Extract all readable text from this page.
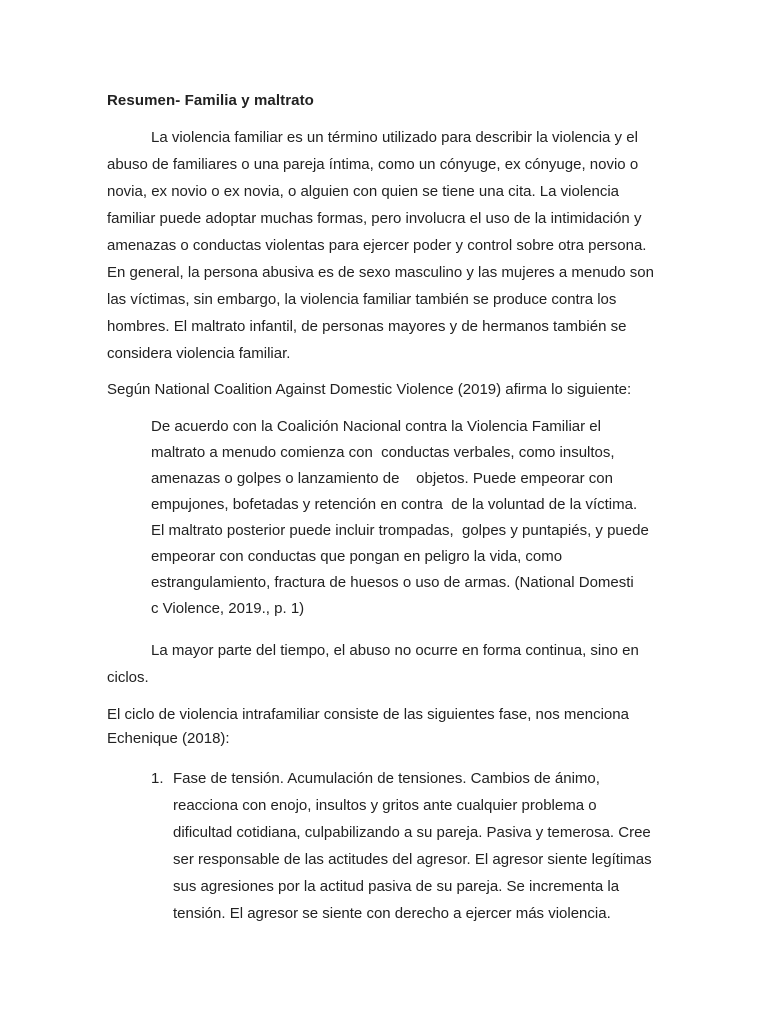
Resumen- Familia y maltrato
La violencia familiar es un término utilizado para describir la violencia y el
abuso de familiares o una pareja íntima, como un cónyuge, ex cónyuge, novio o
novia, ex novio o ex novia, o alguien con quien se tiene una cita. La violencia
familiar puede adoptar muchas formas, pero involucra el uso de la intimidación y
amenazas o conductas violentas para ejercer poder y control sobre otra persona.
En general, la persona abusiva es de sexo masculino y las mujeres a menudo son
las víctimas, sin embargo, la violencia familiar también se produce contra los
hombres. El maltrato infantil, de personas mayores y de hermanos también se
considera violencia familiar.
Según National Coalition Against Domestic Violence (2019) afirma lo siguiente:
De acuerdo con la Coalición Nacional contra la Violencia Familiar el
maltrato a menudo comienza con  conductas verbales, como insultos,
amenazas o golpes o lanzamiento de    objetos. Puede empeorar con
empujones, bofetadas y retención en contra  de la voluntad de la víctima.
El maltrato posterior puede incluir trompadas,  golpes y puntapiés, y puede
empeorar con conductas que pongan en peligro la vida, como
estrangulamiento, fractura de huesos o uso de armas. (National Domesti
c Violence, 2019., p. 1)
La mayor parte del tiempo, el abuso no ocurre en forma continua, sino en
ciclos.
El ciclo de violencia intrafamiliar consiste de las siguientes fase, nos menciona
Echenique (2018):
1. Fase de tensión. Acumulación de tensiones. Cambios de ánimo,
reacciona con enojo, insultos y gritos ante cualquier problema o
dificultad cotidiana, culpabilizando a su pareja. Pasiva y temerosa. Cree
ser responsable de las actitudes del agresor. El agresor siente legítimas
sus agresiones por la actitud pasiva de su pareja. Se incrementa la
tensión. El agresor se siente con derecho a ejercer más violencia.
